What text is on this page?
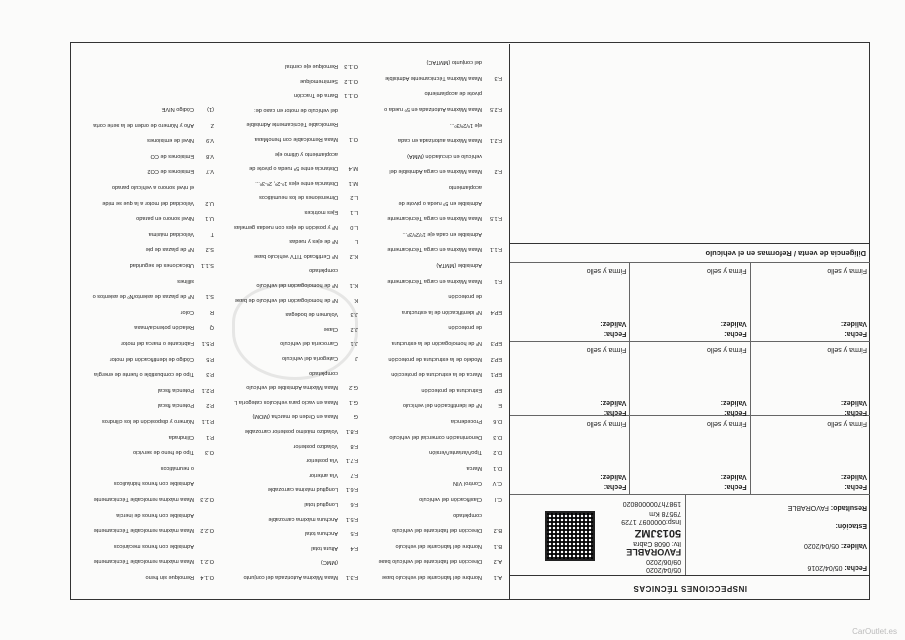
INSPECCIONES TÉCNICAS
Fecha: 05/04/2016
Validez: 05/04/2020
Estación:
Resultado: FAVORABLE
05/04/2020
09/06/2020
FAVORABLE
Itv: 0608 Cabra
5013JMZ
Insp:0000097 1729
79578 Km
1987h7000008020
Fecha:
Validez:
Firma y sello
Fecha:
Validez:
Firma y sello
Fecha:
Validez:
Firma y sello
Fecha:
Validez:
Firma y sello
Fecha:
Validez:
Firma y sello
Fecha:
Validez:
Firma y sello
Fecha:
Validez:
Firma y sello
Fecha:
Validez:
Firma y sello
Fecha:
Validez:
Firma y sello
Diligencia de venta / Reformas en el vehículo
A.1Nombre del fabricante del vehículo base
A.2Dirección del fabricante del vehículo base
B.1Nombre del fabricante del vehículo
B.2Dirección del fabricante del vehículo
completado
C.IClasificación del vehículo
C.VControl VIN
D.1Marca
D.2Tipo/Variante/Versión
D.3Denominación comercial del vehículo
D.6Procedencia
ENº de identificación del vehículo
EPEstructura de protección
EP.1Marca de la estructura de protección
EP.2Modelo de la estructura de protección
EP.3Nº de homologación de la estructura
de protección
EP.4Nº identificación de la estructura
de protección
F.1Masa Máxima en carga Técnicamente
Admisible (MMTA)
F.1.1Masa Máxima en carga Técnicamente
Admisible en cada eje 1º/2º/3º...
F.1.5Masa Máxima en carga Técnicamente
Admisible en 5º rueda o pivote de
acoplamiento
F.2Masa Máxima en carga Admisible del
vehículo en circulación (MMA)
F.2.1Masa Máxima autorizada en cada
eje 1º/2º/3º...
F.2.5Masa Máxima Autorizada en 5º rueda o
pivote de acoplamiento
F.3Masa Máxima Técnicamente Admisible
del conjunto (MMTAC)
F.3.1Masa Máxima Autorizada del conjunto
(MMC)
F.4Altura total
F.5Anchura total
F.5.1Anchura máxima carrozable
F.6Longitud total
F.6.1Longitud máxima carrozable
F.7Vía anterior
F.7.1Vía posterior
F.8Voladizo posterior
F.8.1Voladizo máximo posterior carrozable
GMasa en Orden de marcha (MOM)
G.1Masa en vacío para vehículos categoría L
G.2Masa Máxima Admisible del vehículo
completado
JCategoría del vehículo
J.1Carrocería del vehículo
J.2Clase
J.3Volumen de bodegas
KNº de homologación del vehículo de base
K.1Nº de homologación del vehículo
completado
K.2Nº Certificado TITV vehículo base
LNº de ejes y ruedas
L.0Nº y posición de ejes con ruedas gemelas
L.1Ejes motrices
L.2Dimensiones de los neumáticos
M.1Distancia entre ejes 1º-2º, 2º-3º...
M.4Distancia entre 5ª rueda o pivote de
acoplamiento y último eje
O.1Masa Remolcable con frenoMasa
Remolcable Técnicamente Admisible
del vehículo de motor en caso de:
O.1.1Barra de Tracción
O.1.2Semirremolque
O.1.3Remolque eje central
O.1.4Remolque sin freno
O.2.1Masa máxima remolcable Técnicamente
Admisible con frenos mecánicos
O.2.2Masa máxima remolcable Técnicamente
Admisible con frenos de inercia
O.2.3Masa máxima remolcable Técnicamente
Admisible con frenos hidráulicos
o neumáticos
O.3Tipo de freno de servicio
P.1Cilindrada
P.1.1Número y disposición de los cilindros
P.2Potencia fiscal
P.2.1Potencia fiscal
P.3Tipo de combustible o fuente de energía
P.5Código de identificación del motor
P.5.1Fabricante o marca del motor
QRelación potencia/masa
RColor
S.1Nº de plazas de asiento/Nº de asientos o
sillines
S.1.1Ubicaciones de seguridad
S.2Nº de plazas de pie
TVelocidad máxima
U.1Nivel sonoro en parado
U.2Velocidad del motor a la que se mide
el nivel sonoro a vehículo parado
V.7Emisiones de CO2
V.8Emisiones de CO
V.9Nivel de emisiones
ZAño y Número de orden de la serie corta
(1)Código NIVE
CarOutlet.es
